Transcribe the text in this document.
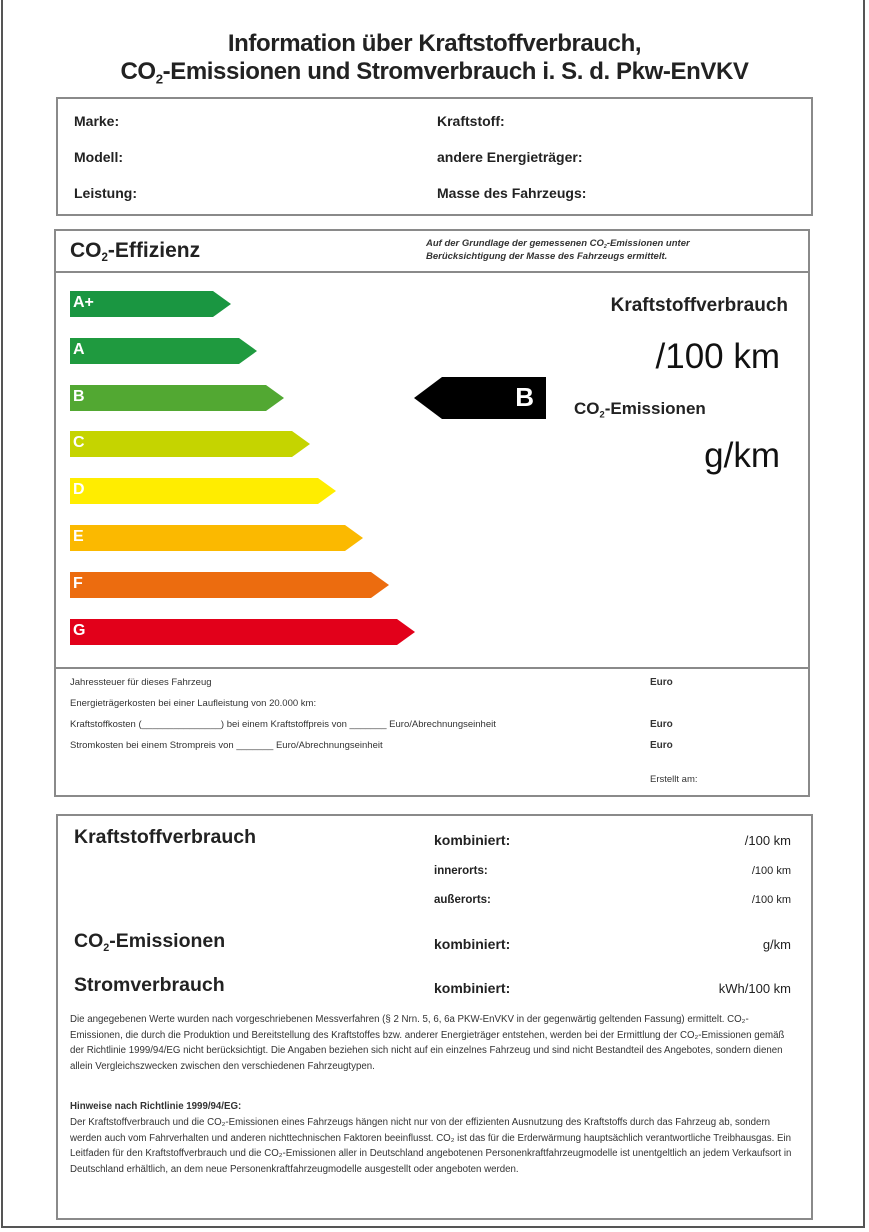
Information über Kraftstoffverbrauch,
$CO_2$-Emissionen und Stromverbrauch i. S. d. Pkw-EnVKV
Marke:
Modell:
Leistung:
Kraftstoff:
andere Energieträger:
Masse des Fahrzeugs:
$CO_2$-Effizienz	Auf der Grundlage der gemessenen $CO_2$-Emissionen unter
Berücksichtigung der Masse des Fahrzeugs ermittelt.
A+
A
B
C
D
E
F
G
B
Kraftstoffverbrauch
/100 km
$CO_2$-Emissionen
g/km
Jahressteuer für dieses Fahrzeug
Energieträgerkosten bei einer Laufleistung von 20.000 km:
Kraftstoffkosten (_______________) bei einem Kraftstoffpreis von _______ Euro/Abrechnungseinheit
Stromkosten bei einem Strompreis von _______ Euro/Abrechnungseinheit
Euro
Euro
Euro
Erstellt am:
Kraftstoffverbrauch
$CO_2$-Emissionen
Stromverbrauch
kombiniert:
innerorts:
außerorts:
kombiniert:
kombiniert:
/100 km
/100 km
/100 km
g/km
kWh/100 km
Die angegebenen Werte wurden nach vorgeschriebenen Messverfahren (§ 2 Nrn. 5, 6, 6a PKW-EnVKV in der gegenwärtig geltenden Fassung) ermittelt. CO₂-Emissionen, die durch die Produktion und Bereitstellung des Kraftstoffes bzw. anderer Energieträger entstehen, werden bei der Ermittlung der CO₂-Emissionen gemäß der Richtlinie 1999/94/EG nicht berücksichtigt. Die Angaben beziehen sich nicht auf ein einzelnes Fahrzeug und sind nicht Bestandteil des Angebotes, sondern dienen allein Vergleichszwecken zwischen den verschiedenen Fahrzeugtypen.
Hinweise nach Richtlinie 1999/94/EG:
Der Kraftstoffverbrauch und die CO₂-Emissionen eines Fahrzeugs hängen nicht nur von der effizienten Ausnutzung des Kraftstoffs durch das Fahrzeug ab, sondern werden auch vom Fahrverhalten und anderen nichttechnischen Faktoren beeinflusst. CO₂ ist das für die Erderwärmung hauptsächlich verantwortliche Treibhausgas. Ein Leitfaden für den Kraftstoffverbrauch und die CO₂-Emissionen aller in Deutschland angebotenen Personenkraftfahrzeugmodelle ist unentgeltlich an jedem Verkaufsort in Deutschland erhältlich, an dem neue Personenkraftfahrzeugmodelle ausgestellt oder angeboten werden.
